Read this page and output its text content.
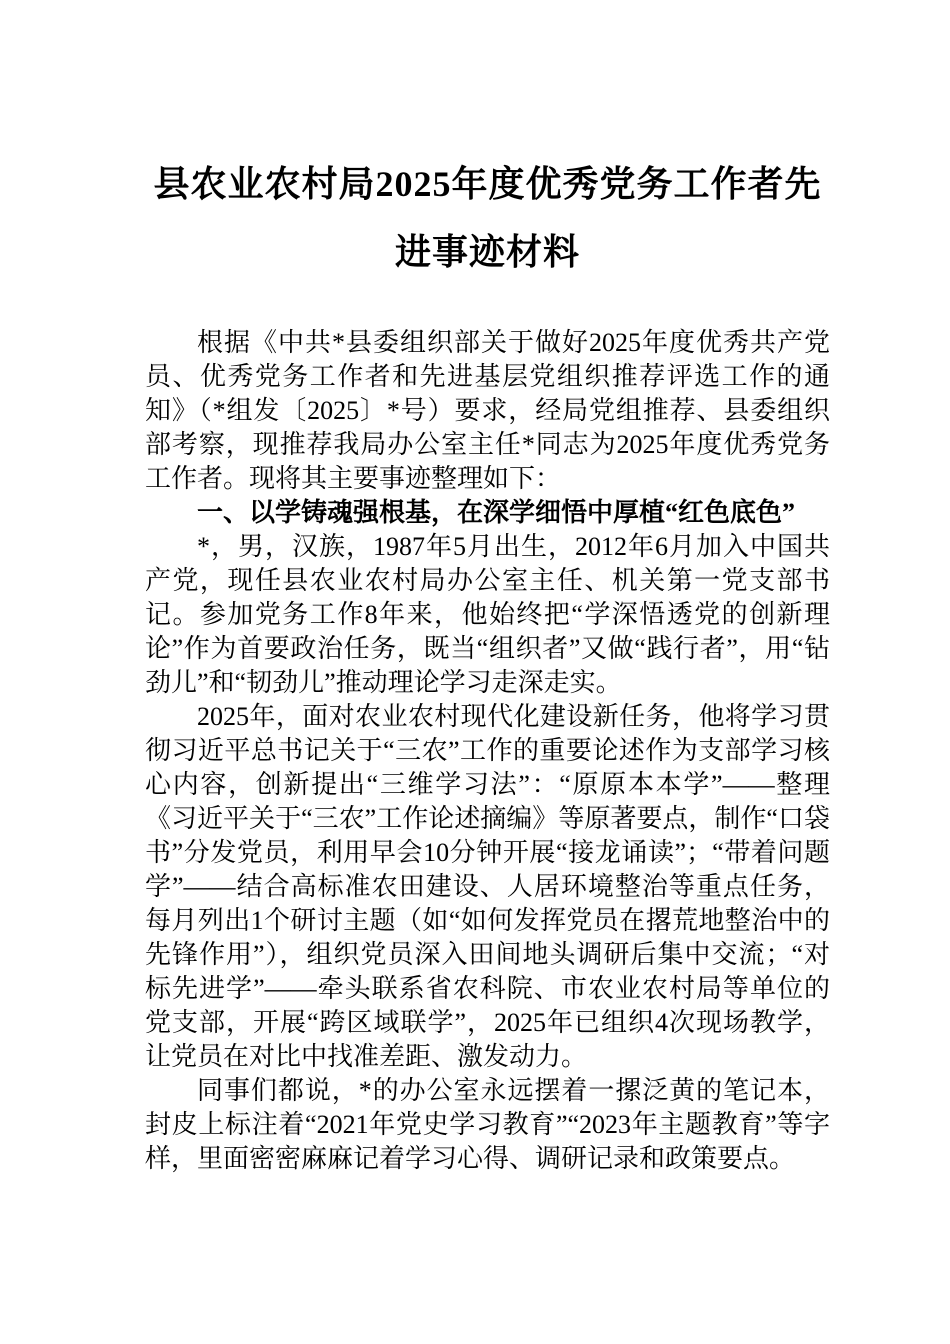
县农业农村局2025年度优秀党务工作者先进事迹材料

根据《中共*县委组织部关于做好2025年度优秀共产党员、优秀党务工作者和先进基层党组织推荐评选工作的通知》（*组发〔2025〕*号）要求，经局党组推荐、县委组织部考察，现推荐我局办公室主任*同志为2025年度优秀党务工作者。现将其主要事迹整理如下：

一、以学铸魂强根基，在深学细悟中厚植“红色底色”

*，男，汉族，1987年5月出生，2012年6月加入中国共产党，现任县农业农村局办公室主任、机关第一党支部书记。参加党务工作8年来，他始终把“学深悟透党的创新理论”作为首要政治任务，既当“组织者”又做“践行者”，用“钻劲儿”和“韧劲儿”推动理论学习走深走实。

2025年，面对农业农村现代化建设新任务，他将学习贯彻习近平总书记关于“三农”工作的重要论述作为支部学习核心内容，创新提出“三维学习法”：“原原本本学”——整理《习近平关于“三农”工作论述摘编》等原著要点，制作“口袋书”分发党员，利用早会10分钟开展“接龙诵读”；“带着问题学”——结合高标准农田建设、人居环境整治等重点任务，每月列出1个研讨主题（如“如何发挥党员在撂荒地整治中的先锋作用”），组织党员深入田间地头调研后集中交流；“对标先进学”——牵头联系省农科院、市农业农村局等单位的党支部，开展“跨区域联学”，2025年已组织4次现场教学，让党员在对比中找准差距、激发动力。

同事们都说，*的办公室永远摆着一摞泛黄的笔记本，封皮上标注着“2021年党史学习教育”“2023年主题教育”等字样，里面密密麻麻记着学习心得、调研记录和政策要点。
